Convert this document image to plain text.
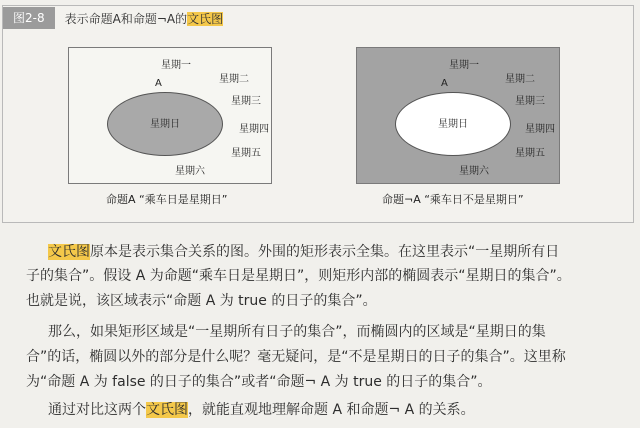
图2-8	表示命题A和命题¬A的文氏图
星期一
星期二
星期三
星期四
星期五
星期六
A
星期日
命题A “乘车日是星期日”
星期一
星期二
星期三
星期四
星期五
星期六
A
星期日
命题¬A “乘车日不是星期日”
文氏图原本是表示集合关系的图。外围的矩形表示全集。在这里表示“一星期所有日
子的集合”。假设 A 为命题“乘车日是星期日”，则矩形内部的椭圆表示“星期日的集合”。
也就是说，该区域表示“命题 A 为 true 的日子的集合”。
那么，如果矩形区域是“一星期所有日子的集合”，而椭圆内的区域是“星期日的集
合”的话，椭圆以外的部分是什么呢？毫无疑问，是“不是星期日的日子的集合”。这里称
为“命题 A 为 false 的日子的集合”或者“命题¬ A 为 true 的日子的集合”。
通过对比这两个文氏图，就能直观地理解命题 A 和命题¬ A 的关系。
